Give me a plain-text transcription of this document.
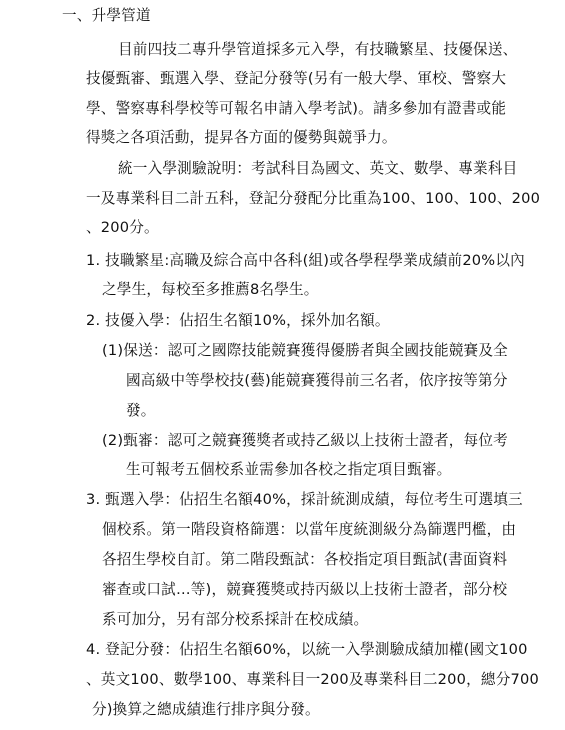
一、升學管道
目前四技二專升學管道採多元入學，有技職繁星、技優保送、
技優甄審、甄選入學、登記分發等(另有一般大學、軍校、警察大
學、警察專科學校等可報名申請入學考試)。請多參加有證書或能
得獎之各項活動，提昇各方面的優勢與競爭力。
統一入學測驗說明：考試科目為國文、英文、數學、專業科目
一及專業科目二計五科，登記分發配分比重為100、100、100、200
、200分。
1. 技職繁星:高職及綜合高中各科(組)或各學程學業成績前20%以內
之學生，每校至多推薦8名學生。
2. 技優入學：佔招生名額10%，採外加名額。
(1)保送：認可之國際技能競賽獲得優勝者與全國技能競賽及全
國高級中等學校技(藝)能競賽獲得前三名者，依序按等第分
發。
(2)甄審：認可之競賽獲獎者或持乙級以上技術士證者，每位考
生可報考五個校系並需參加各校之指定項目甄審。
3. 甄選入學：佔招生名額40%，採計統測成績，每位考生可選填三
個校系。第一階段資格篩選：以當年度統測級分為篩選門檻，由
各招生學校自訂。第二階段甄試：各校指定項目甄試(書面資料
審查或口試…等)，競賽獲獎或持丙級以上技術士證者，部分校
系可加分，另有部分校系採計在校成績。
4. 登記分發：佔招生名額60%，以統一入學測驗成績加權(國文100
、英文100、數學100、專業科目一200及專業科目二200，總分700
分)換算之總成績進行排序與分發。
